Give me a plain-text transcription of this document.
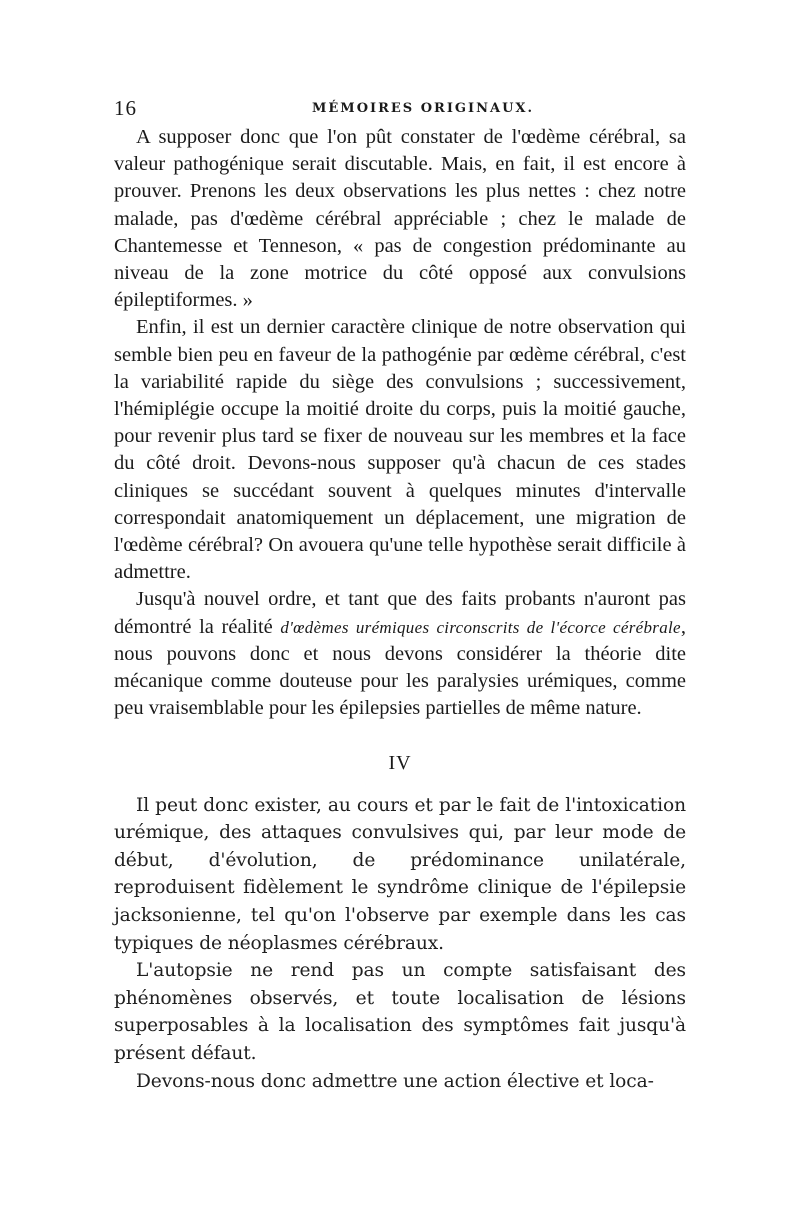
16	MÉMOIRES ORIGINAUX.

A supposer donc que l'on pût constater de l'œdème cérébral, sa valeur pathogénique serait discutable. Mais, en fait, il est encore à prouver. Prenons les deux observations les plus nettes : chez notre malade, pas d'œdème cérébral appréciable ; chez le malade de Chantemesse et Tenneson, « pas de congestion prédominante au niveau de la zone motrice du côté opposé aux convulsions épileptiformes. »

Enfin, il est un dernier caractère clinique de notre observation qui semble bien peu en faveur de la pathogénie par œdème cérébral, c'est la variabilité rapide du siège des convulsions ; successivement, l'hémiplégie occupe la moitié droite du corps, puis la moitié gauche, pour revenir plus tard se fixer de nouveau sur les membres et la face du côté droit. Devons-nous supposer qu'à chacun de ces stades cliniques se succédant souvent à quelques minutes d'intervalle correspondait anatomiquement un déplacement, une migration de l'œdème cérébral? On avouera qu'une telle hypothèse serait difficile à admettre.

Jusqu'à nouvel ordre, et tant que des faits probants n'auront pas démontré la réalité d'œdèmes urémiques circonscrits de l'écorce cérébrale, nous pouvons donc et nous devons considérer la théorie dite mécanique comme douteuse pour les paralysies urémiques, comme peu vraisemblable pour les épilepsies partielles de même nature.

IV

Il peut donc exister, au cours et par le fait de l'intoxication urémique, des attaques convulsives qui, par leur mode de début, d'évolution, de prédominance unilatérale, reproduisent fidèlement le syndrôme clinique de l'épilepsie jacksonienne, tel qu'on l'observe par exemple dans les cas typiques de néoplasmes cérébraux.

L'autopsie ne rend pas un compte satisfaisant des phénomènes observés, et toute localisation de lésions superposables à la localisation des symptômes fait jusqu'à présent défaut.

Devons-nous donc admettre une action élective et loca-
